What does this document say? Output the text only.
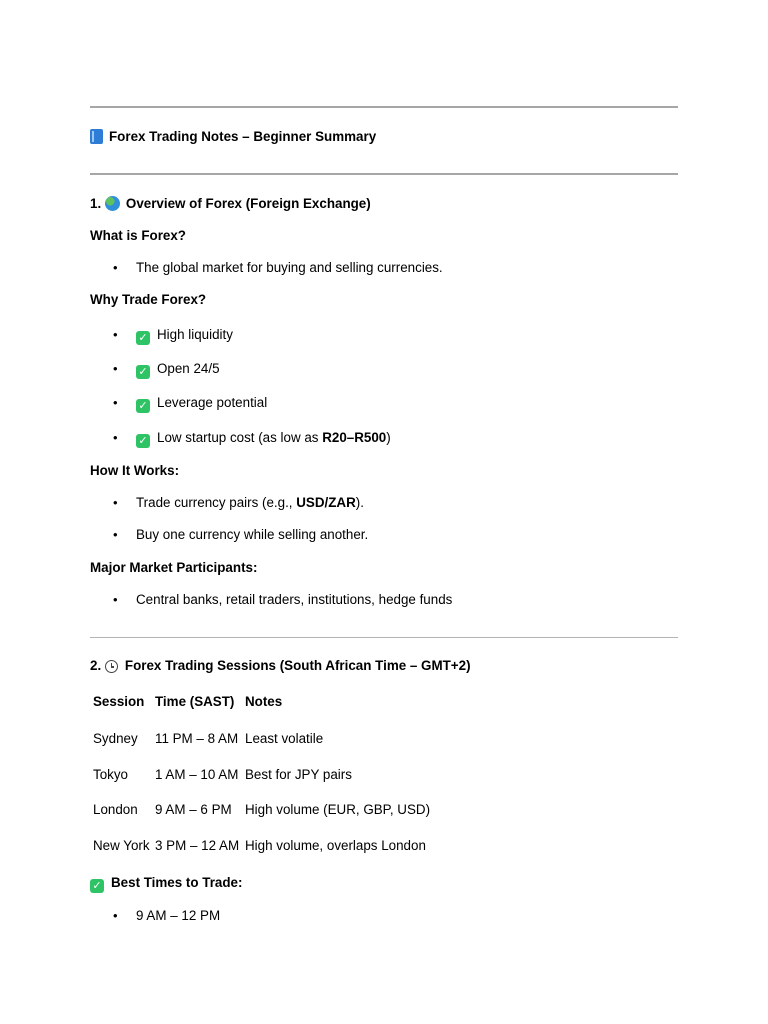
Forex Trading Notes – Beginner Summary
1. Overview of Forex (Foreign Exchange)
What is Forex?
• The global market for buying and selling currencies.
Why Trade Forex?
• ✓ High liquidity
• ✓ Open 24/5
• ✓ Leverage potential
• ✓ Low startup cost (as low as R20–R500)
How It Works:
• Trade currency pairs (e.g., USD/ZAR).
• Buy one currency while selling another.
Major Market Participants:
• Central banks, retail traders, institutions, hedge funds
2. Forex Trading Sessions (South African Time – GMT+2)
Session Time (SAST) Notes
Sydney 11 PM – 8 AM Least volatile
Tokyo 1 AM – 10 AM Best for JPY pairs
London 9 AM – 6 PM High volume (EUR, GBP, USD)
New York 3 PM – 12 AM High volume, overlaps London
✓ Best Times to Trade:
• 9 AM – 12 PM
